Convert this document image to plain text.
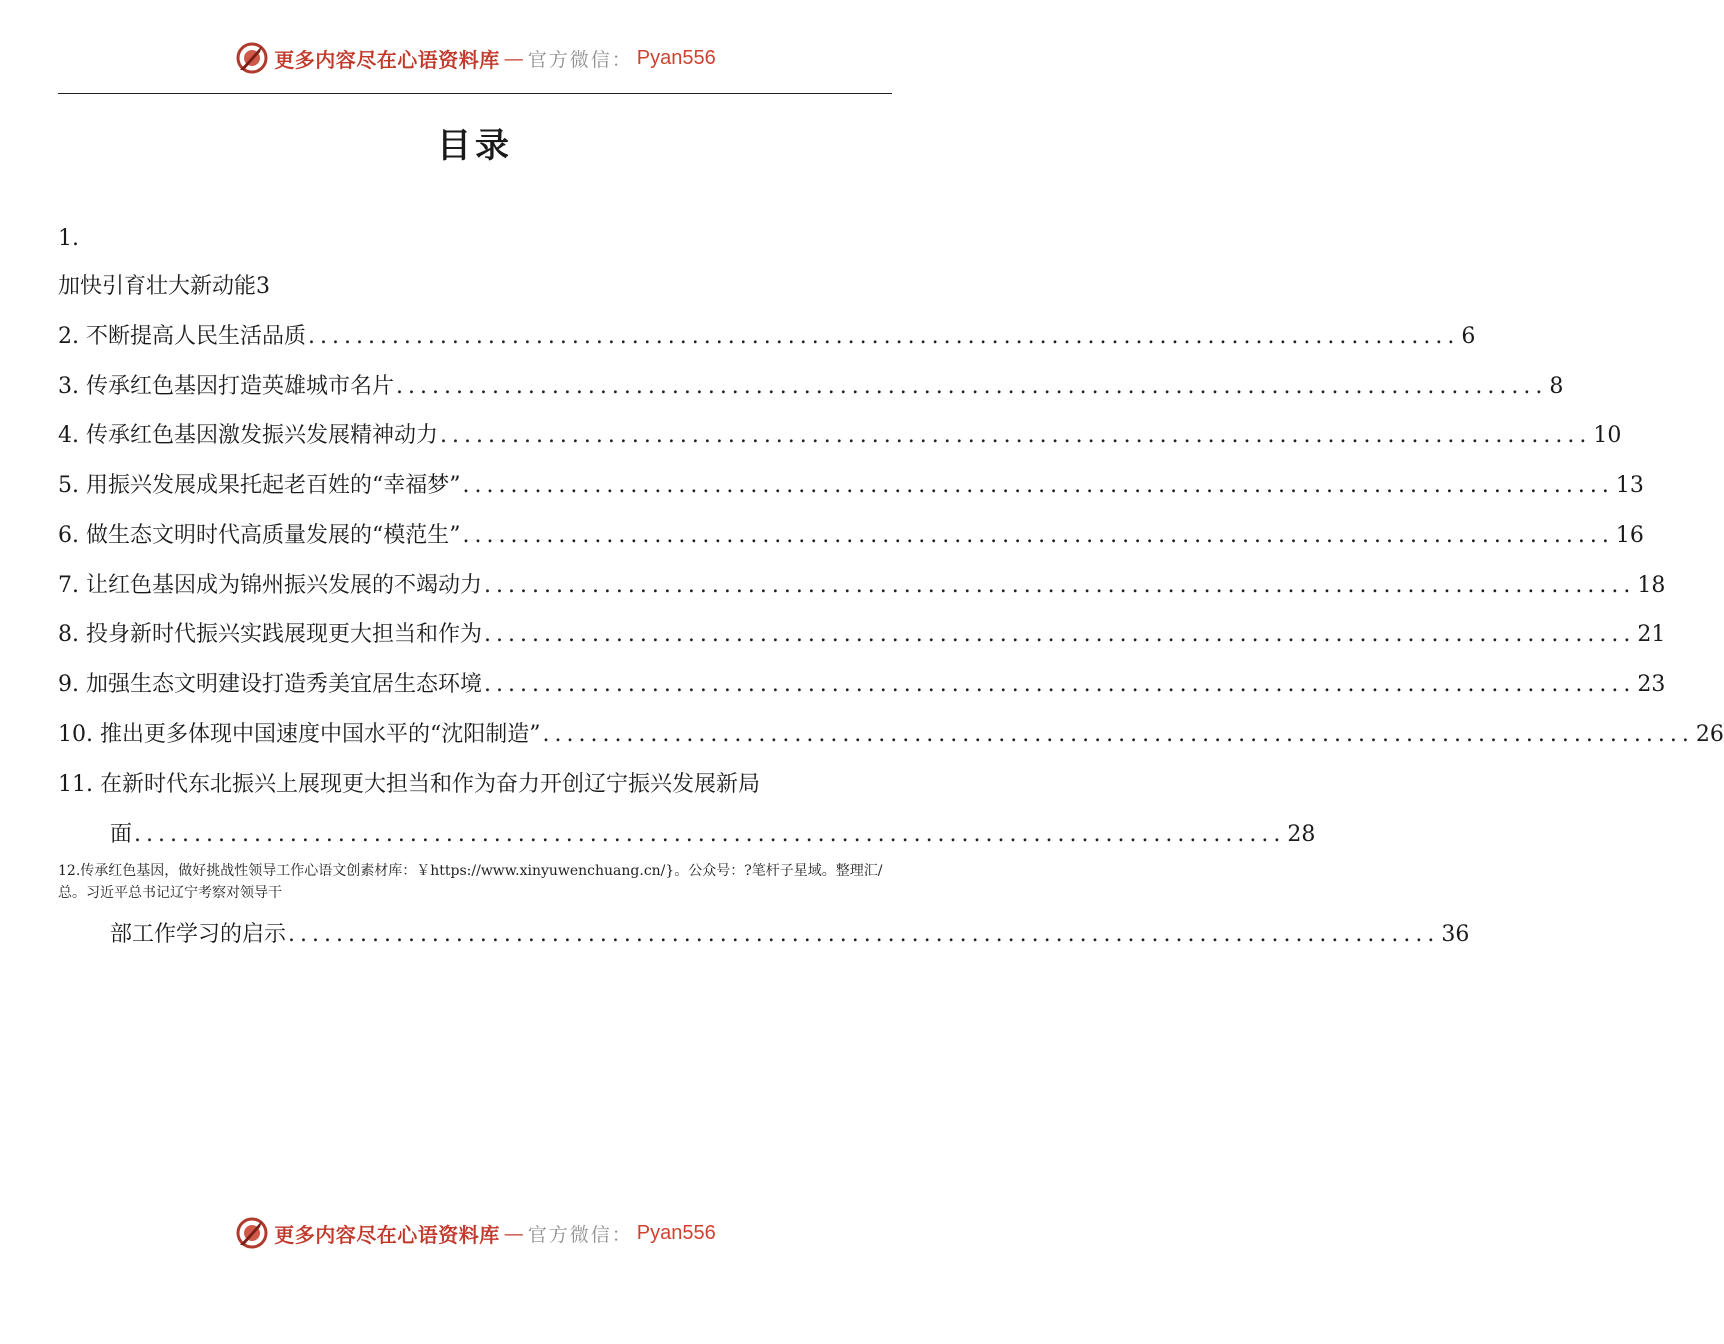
更多内容尽在心语资料库 — 官方微信： Pyan556
目录
1.
加快引育壮大新动能3
2. 不断提高人民生活品质 ................................................................................................ 6
3. 传承红色基因打造英雄城市名片 ................................................................................................ 8
4. 传承红色基因激发振兴发展精神动力 ................................................................................................ 10
5. 用振兴发展成果托起老百姓的“幸福梦” ................................................................................................ 13
6. 做生态文明时代高质量发展的“模范生” ................................................................................................ 16
7. 让红色基因成为锦州振兴发展的不竭动力 ................................................................................................ 18
8. 投身新时代振兴实践展现更大担当和作为 ................................................................................................ 21
9. 加强生态文明建设打造秀美宜居生态环境 ................................................................................................ 23
10. 推出更多体现中国速度中国水平的“沈阳制造” ................................................................................................ 26
11. 在新时代东北振兴上展现更大担当和作为奋力开创辽宁振兴发展新局
面 ................................................................................................ 28
12.传承红色基因，做好挑战性领导工作心语文创素材库：￥https://www.xinyuwenchuang.cn/}。公众号：?笔杆子星域。整理汇/总。习近平总书记辽宁考察对领导干
部工作学习的启示 ................................................................................................ 36
更多内容尽在心语资料库 — 官方微信： Pyan556
